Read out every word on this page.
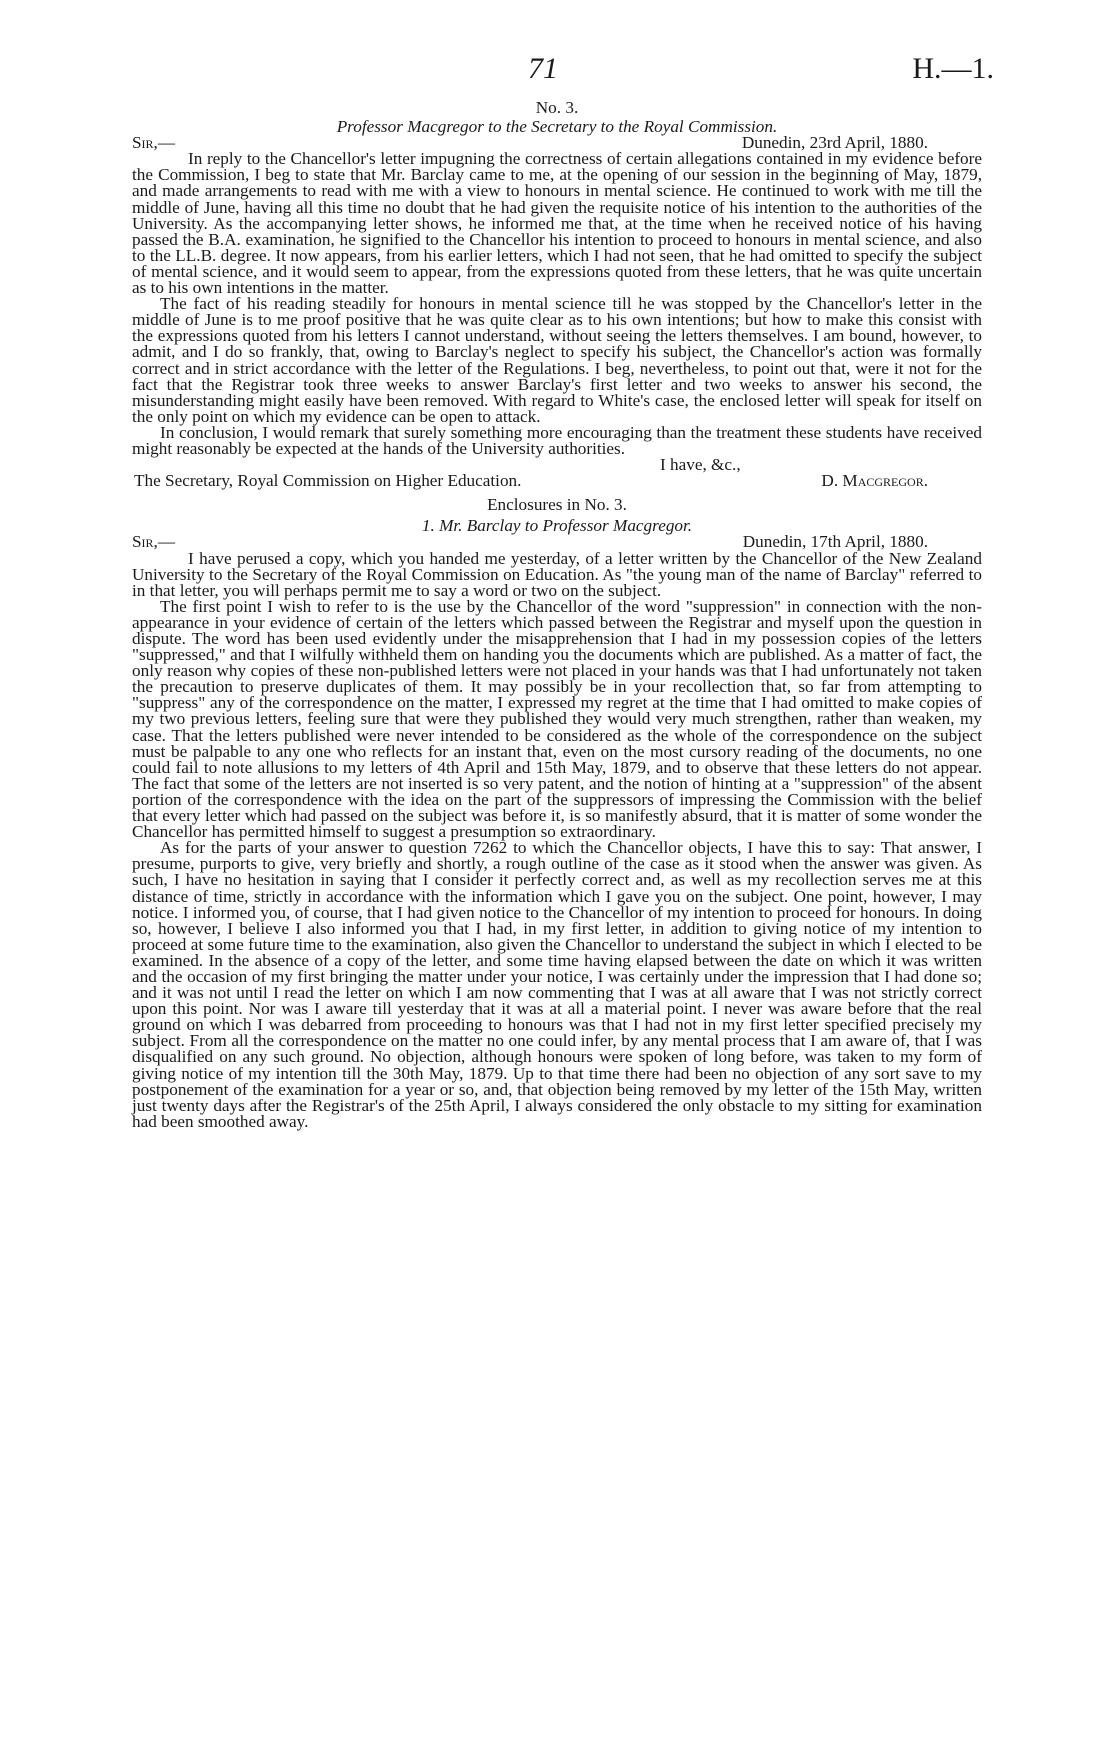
71	H.—1.
No. 3.
Professor Macgregor to the Secretary to the Royal Commission.
Sir,—	Dunedin, 23rd April, 1880.

In reply to the Chancellor's letter impugning the correctness of certain allegations contained in my evidence before the Commission, I beg to state that Mr. Barclay came to me, at the opening of our session in the beginning of May, 1879, and made arrangements to read with me with a view to honours in mental science. He continued to work with me till the middle of June, having all this time no doubt that he had given the requisite notice of his intention to the authorities of the University. As the accompanying letter shows, he informed me that, at the time when he received notice of his having passed the B.A. examination, he signified to the Chancellor his intention to proceed to honours in mental science, and also to the LL.B. degree. It now appears, from his earlier letters, which I had not seen, that he had omitted to specify the subject of mental science, and it would seem to appear, from the expressions quoted from these letters, that he was quite uncertain as to his own intentions in the matter.

The fact of his reading steadily for honours in mental science till he was stopped by the Chancellor's letter in the middle of June is to me proof positive that he was quite clear as to his own intentions; but how to make this consist with the expressions quoted from his letters I cannot understand, without seeing the letters themselves. I am bound, however, to admit, and I do so frankly, that, owing to Barclay's neglect to specify his subject, the Chancellor's action was formally correct and in strict accordance with the letter of the Regulations. I beg, nevertheless, to point out that, were it not for the fact that the Registrar took three weeks to answer Barclay's first letter and two weeks to answer his second, the misunderstanding might easily have been removed. With regard to White's case, the enclosed letter will speak for itself on the only point on which my evidence can be open to attack.

In conclusion, I would remark that surely something more encouraging than the treatment these students have received might reasonably be expected at the hands of the University authorities.

I have, &c.,
The Secretary, Royal Commission on Higher Education.	D. Macgregor.
Enclosures in No. 3.
1. Mr. Barclay to Professor Macgregor.
Sir,—	Dunedin, 17th April, 1880.

I have perused a copy, which you handed me yesterday, of a letter written by the Chancellor of the New Zealand University to the Secretary of the Royal Commission on Education. As "the young man of the name of Barclay" referred to in that letter, you will perhaps permit me to say a word or two on the subject.

The first point I wish to refer to is the use by the Chancellor of the word "suppression" in connection with the non-appearance in your evidence of certain of the letters which passed between the Registrar and myself upon the question in dispute. The word has been used evidently under the misapprehension that I had in my possession copies of the letters "suppressed," and that I wilfully withheld them on handing you the documents which are published. As a matter of fact, the only reason why copies of these non-published letters were not placed in your hands was that I had unfortunately not taken the precaution to preserve duplicates of them. It may possibly be in your recollection that, so far from attempting to "suppress" any of the correspondence on the matter, I expressed my regret at the time that I had omitted to make copies of my two previous letters, feeling sure that were they published they would very much strengthen, rather than weaken, my case. That the letters published were never intended to be considered as the whole of the correspondence on the subject must be palpable to any one who reflects for an instant that, even on the most cursory reading of the documents, no one could fail to note allusions to my letters of 4th April and 15th May, 1879, and to observe that these letters do not appear. The fact that some of the letters are not inserted is so very patent, and the notion of hinting at a "suppression" of the absent portion of the correspondence with the idea on the part of the suppressors of impressing the Commission with the belief that every letter which had passed on the subject was before it, is so manifestly absurd, that it is matter of some wonder the Chancellor has permitted himself to suggest a presumption so extraordinary.

As for the parts of your answer to question 7262 to which the Chancellor objects, I have this to say: That answer, I presume, purports to give, very briefly and shortly, a rough outline of the case as it stood when the answer was given. As such, I have no hesitation in saying that I consider it perfectly correct and, as well as my recollection serves me at this distance of time, strictly in accordance with the information which I gave you on the subject. One point, however, I may notice. I informed you, of course, that I had given notice to the Chancellor of my intention to proceed for honours. In doing so, however, I believe I also informed you that I had, in my first letter, in addition to giving notice of my intention to proceed at some future time to the examination, also given the Chancellor to understand the subject in which I elected to be examined. In the absence of a copy of the letter, and some time having elapsed between the date on which it was written and the occasion of my first bringing the matter under your notice, I was certainly under the impression that I had done so; and it was not until I read the letter on which I am now commenting that I was at all aware that I was not strictly correct upon this point. Nor was I aware till yesterday that it was at all a material point. I never was aware before that the real ground on which I was debarred from proceeding to honours was that I had not in my first letter specified precisely my subject. From all the correspondence on the matter no one could infer, by any mental process that I am aware of, that I was disqualified on any such ground. No objection, although honours were spoken of long before, was taken to my form of giving notice of my intention till the 30th May, 1879. Up to that time there had been no objection of any sort save to my postponement of the examination for a year or so, and, that objection being removed by my letter of the 15th May, written just twenty days after the Registrar's of the 25th April, I always considered the only obstacle to my sitting for examination had been smoothed away.
